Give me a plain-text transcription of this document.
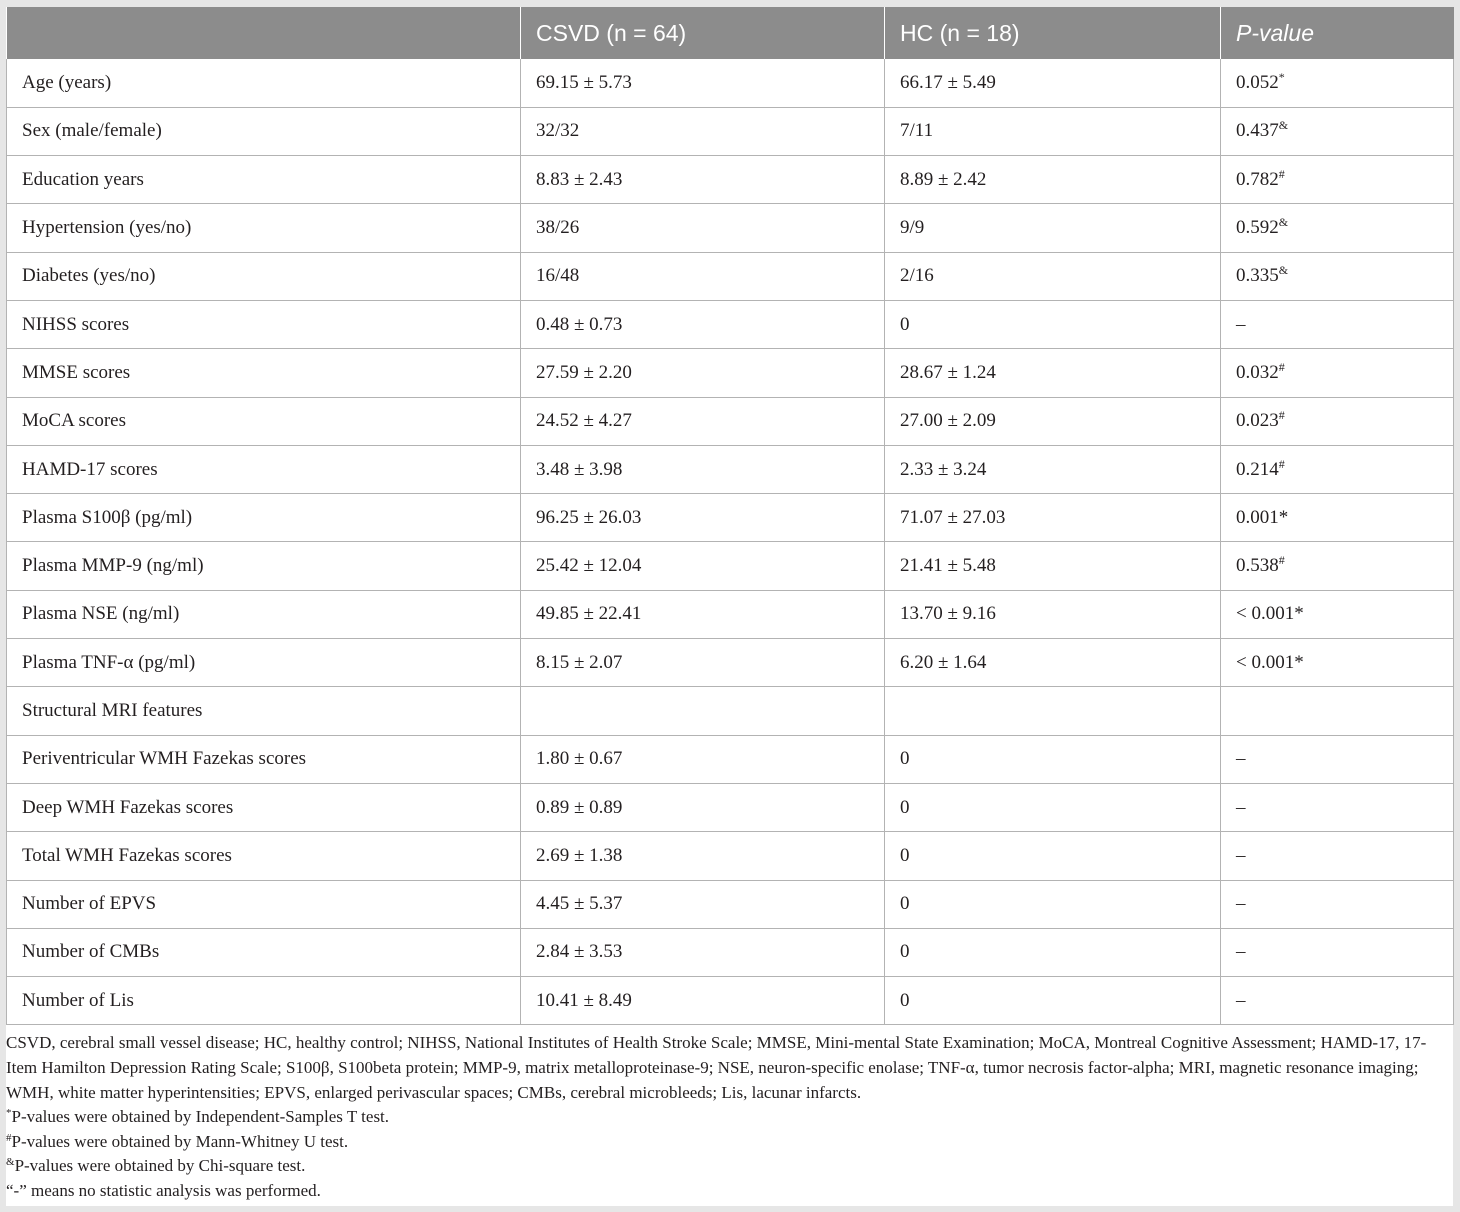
	CSVD (n = 64)	HC (n = 18)	P-value
Age (years)	69.15 ± 5.73	66.17 ± 5.49	0.052*
Sex (male/female)	32/32	7/11	0.437&
Education years	8.83 ± 2.43	8.89 ± 2.42	0.782#
Hypertension (yes/no)	38/26	9/9	0.592&
Diabetes (yes/no)	16/48	2/16	0.335&
NIHSS scores	0.48 ± 0.73	0	–
MMSE scores	27.59 ± 2.20	28.67 ± 1.24	0.032#
MoCA scores	24.52 ± 4.27	27.00 ± 2.09	0.023#
HAMD-17 scores	3.48 ± 3.98	2.33 ± 3.24	0.214#
Plasma S100β (pg/ml)	96.25 ± 26.03	71.07 ± 27.03	0.001*
Plasma MMP-9 (ng/ml)	25.42 ± 12.04	21.41 ± 5.48	0.538#
Plasma NSE (ng/ml)	49.85 ± 22.41	13.70 ± 9.16	< 0.001*
Plasma TNF-α (pg/ml)	8.15 ± 2.07	6.20 ± 1.64	< 0.001*
Structural MRI features			
Periventricular WMH Fazekas scores	1.80 ± 0.67	0	–
Deep WMH Fazekas scores	0.89 ± 0.89	0	–
Total WMH Fazekas scores	2.69 ± 1.38	0	–
Number of EPVS	4.45 ± 5.37	0	–
Number of CMBs	2.84 ± 3.53	0	–
Number of Lis	10.41 ± 8.49	0	–

CSVD, cerebral small vessel disease; HC, healthy control; NIHSS, National Institutes of Health Stroke Scale; MMSE, Mini-mental State Examination; MoCA, Montreal Cognitive Assessment; HAMD-17, 17-Item Hamilton Depression Rating Scale; S100β, S100beta protein; MMP-9, matrix metalloproteinase-9; NSE, neuron-specific enolase; TNF-α, tumor necrosis factor-alpha; MRI, magnetic resonance imaging; WMH, white matter hyperintensities; EPVS, enlarged perivascular spaces; CMBs, cerebral microbleeds; Lis, lacunar infarcts.

*P-values were obtained by Independent-Samples T test.

#P-values were obtained by Mann-Whitney U test.

&P-values were obtained by Chi-square test.

“-” means no statistic analysis was performed.
